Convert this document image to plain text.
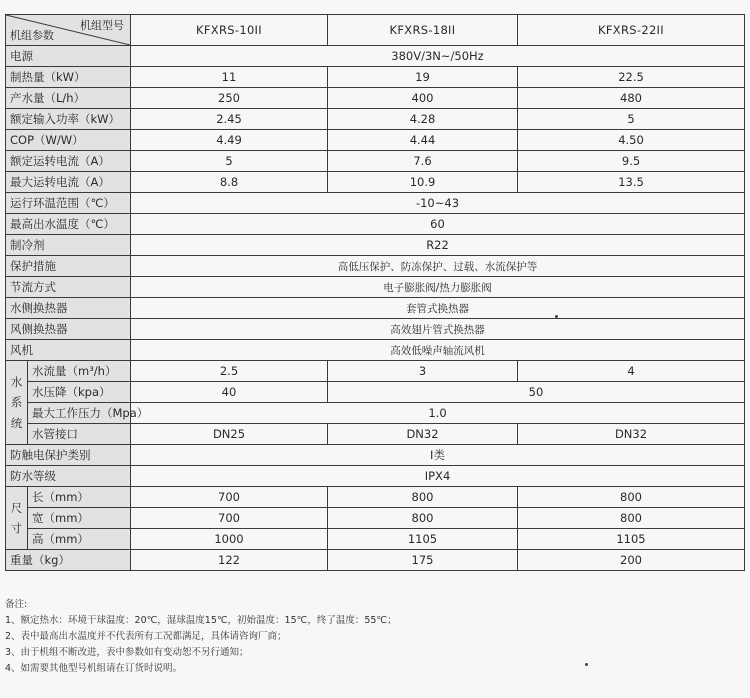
机组型号
机组参数		KFXRS-10II	KFXRS-18II	KFXRS-22II
电源		380V/3N~/50Hz		
制热量（kW）		11	19	22.5
产水量（L/h）		250	400	480
额定输入功率（kW）		2.45	4.28	5
COP（W/W）		4.49	4.44	4.50
额定运转电流（A）		5	7.6	9.5
最大运转电流（A）		8.8	10.9	13.5
运行环温范围（℃）		-10~43		
最高出水温度（℃）		60		
制冷剂		R22		
保护措施		高低压保护、防冻保护、过载、水流保护等		
节流方式		电子膨胀阀/热力膨胀阀		
水侧换热器		套管式换热器		
风侧换热器		高效翅片管式换热器		
风机		高效低噪声轴流风机		

水
系
统	水流量（m³/h）	2.5	3	4
	水压降（kpa）	40	50	
	最大工作压力（Mpa）	1.0		
	水管接口	DN25	DN32	DN32
防触电保护类别		I类		
防水等级		IPX4		

尺
寸	长（mm）	700	800	800
	宽（mm）	700	800	800
	高（mm）	1000	1105	1105
重量（kg）		122	175	200
备注:
1、额定热水：环境干球温度：20℃，湿球温度15℃，初始温度：15℃，终了温度：55℃；
2、表中最高出水温度并不代表所有工况都满足，具体请咨询厂商；
3、由于机组不断改进，表中参数如有变动恕不另行通知；
4、如需要其他型号机组请在订货时说明。
